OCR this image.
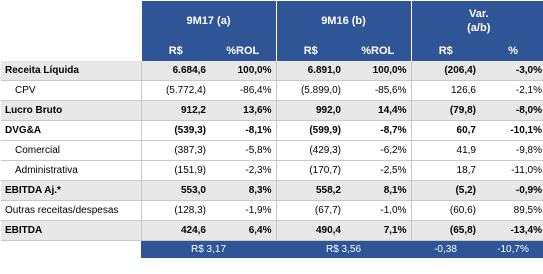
	9M17 (a)		9M16 (b)		Var.
(a/b)	

	R$	%ROL	R$	%ROL	R$	%
Receita Líquida	6.684,6	100,0%	6.891,0	100,0%	(206,4)	-3,0%
CPV	(5.772,4)	-86,4%	(5.899,0)	-85,6%	126,6	-2,1%
Lucro Bruto	912,2	13,6%	992,0	14,4%	(79,8)	-8,0%
DVG&A	(539,3)	-8,1%	(599,9)	-8,7%	60,7	-10,1%
Comercial	(387,3)	-5,8%	(429,3)	-6,2%	41,9	-9,8%
Administrativa	(151,9)	-2,3%	(170,7)	-2,5%	18,7	-11,0%
EBITDA Aj.*	553,0	8,3%	558,2	8,1%	(5,2)	-0,9%
Outras receitas/despesas	(128,3)	-1,9%	(67,7)	-1,0%	(60,6)	89,5%
EBITDA	424,6	6,4%	490,4	7,1%	(65,8)	-13,4%
	R$ 3,17		R$ 3,56		-0,38	-10,7%
